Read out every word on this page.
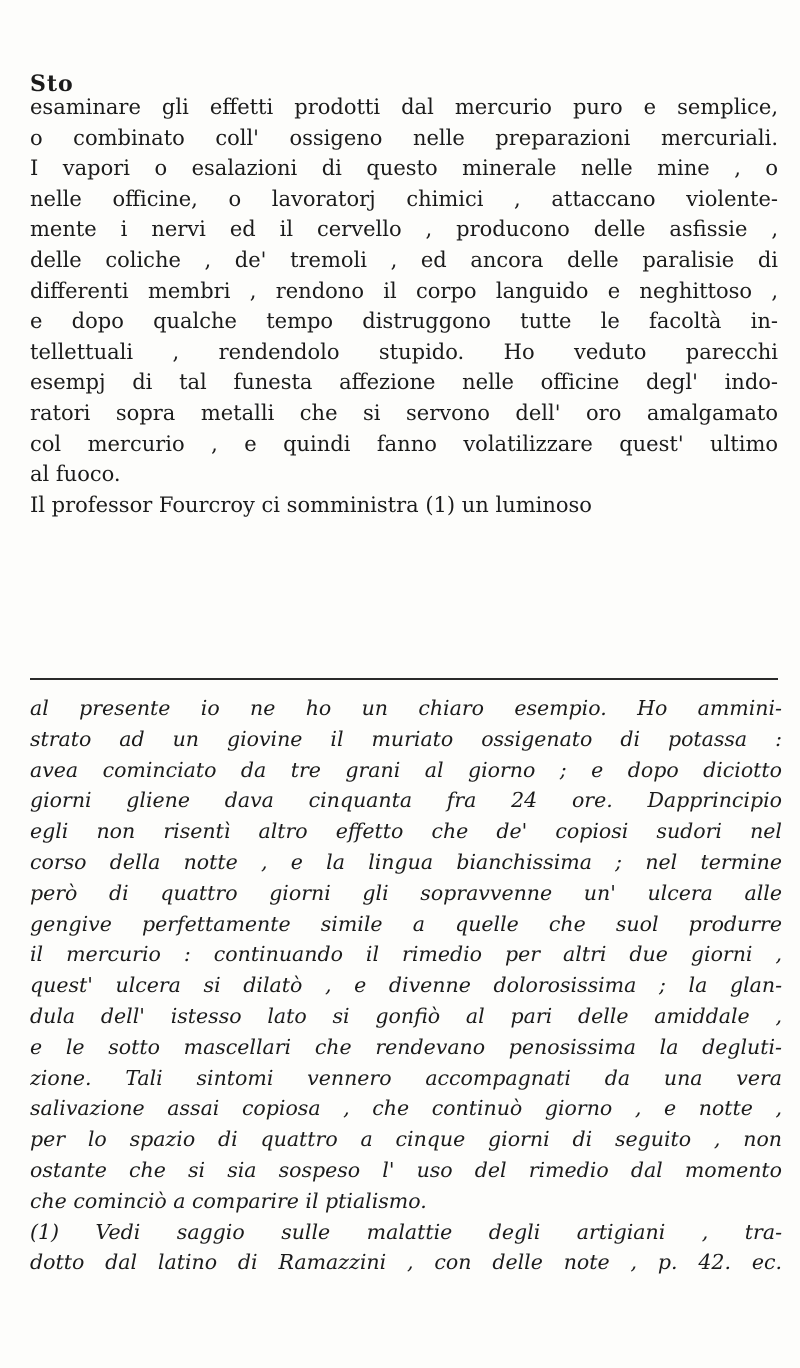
Sto
esaminare gli effetti prodotti dal mercurio puro e semplice,
o combinato coll' ossigeno nelle preparazioni mercuriali.
I vapori o esalazioni di questo minerale nelle mine , o
nelle officine, o lavoratorj chimici , attaccano violente-
mente i nervi ed il cervello , producono delle asfissie ,
delle coliche , de' tremoli , ed ancora delle paralisie di
differenti membri , rendono il corpo languido e neghittoso ,
e dopo qualche tempo distruggono tutte le facoltà in-
tellettuali , rendendolo stupido. Ho veduto parecchi
esempj di tal funesta affezione nelle officine degl' indo-
ratori sopra metalli che si servono dell' oro amalgamato
col mercurio , e quindi fanno volatilizzare quest' ultimo
al fuoco.
Il professor Fourcroy ci somministra (1) un luminoso
al presente io ne ho un chiaro esempio. Ho ammini-
strato ad un giovine il muriato ossigenato di potassa :
avea cominciato da tre grani al giorno ; e dopo diciotto
giorni gliene dava cinquanta fra 24 ore. Dapprincipio
egli non risentì altro effetto che de' copiosi sudori nel
corso della notte , e la lingua bianchissima ; nel termine
però di quattro giorni gli sopravvenne un' ulcera alle
gengive perfettamente simile a quelle che suol produrre
il mercurio : continuando il rimedio per altri due giorni ,
quest' ulcera si dilatò , e divenne dolorosissima ; la glan-
dula dell' istesso lato si gonfiò al pari delle amiddale ,
e le sotto mascellari che rendevano penosissima la degluti-
zione. Tali sintomi vennero accompagnati da una vera
salivazione assai copiosa , che continuò giorno , e notte ,
per lo spazio di quattro a cinque giorni di seguito , non
ostante che si sia sospeso l' uso del rimedio dal momento
che cominciò a comparire il ptialismo.
(1) Vedi saggio sulle malattie degli artigiani , tra-
dotto dal latino di Ramazzini , con delle note , p. 42. ec.
